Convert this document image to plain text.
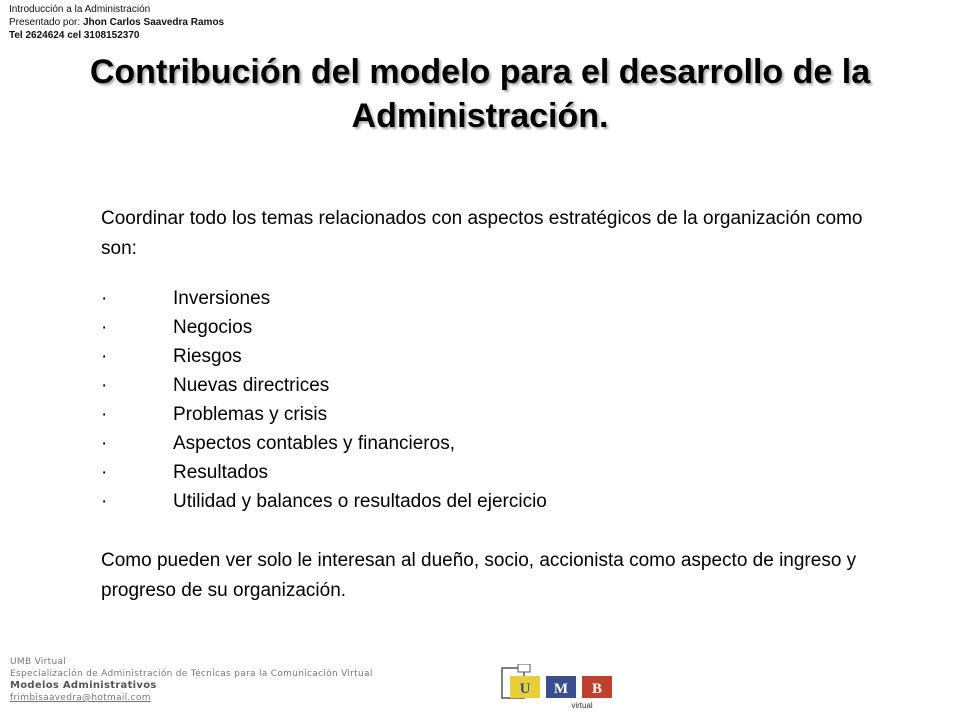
Introducción a la Administración
Presentado por: Jhon Carlos Saavedra Ramos
Tel 2624624 cel 3108152370
Contribución del modelo para el desarrollo de la Administración.

Coordinar todo los temas relacionados con aspectos estratégicos de la organización como son:

·	Inversiones
·	Negocios
·	Riesgos
·	Nuevas directrices
·	Problemas y crisis
·	Aspectos contables y financieros,
·	Resultados
·	Utilidad y balances o resultados del ejercicio

Como pueden ver solo le interesan al dueño, socio, accionista como aspecto de ingreso y progreso de su organización.

UMB Virtual
Especialización de Administración de Técnicas para la Comunicación Virtual
Modelos Administrativos
frimbisaavedra@hotmail.com
U M B
virtual
